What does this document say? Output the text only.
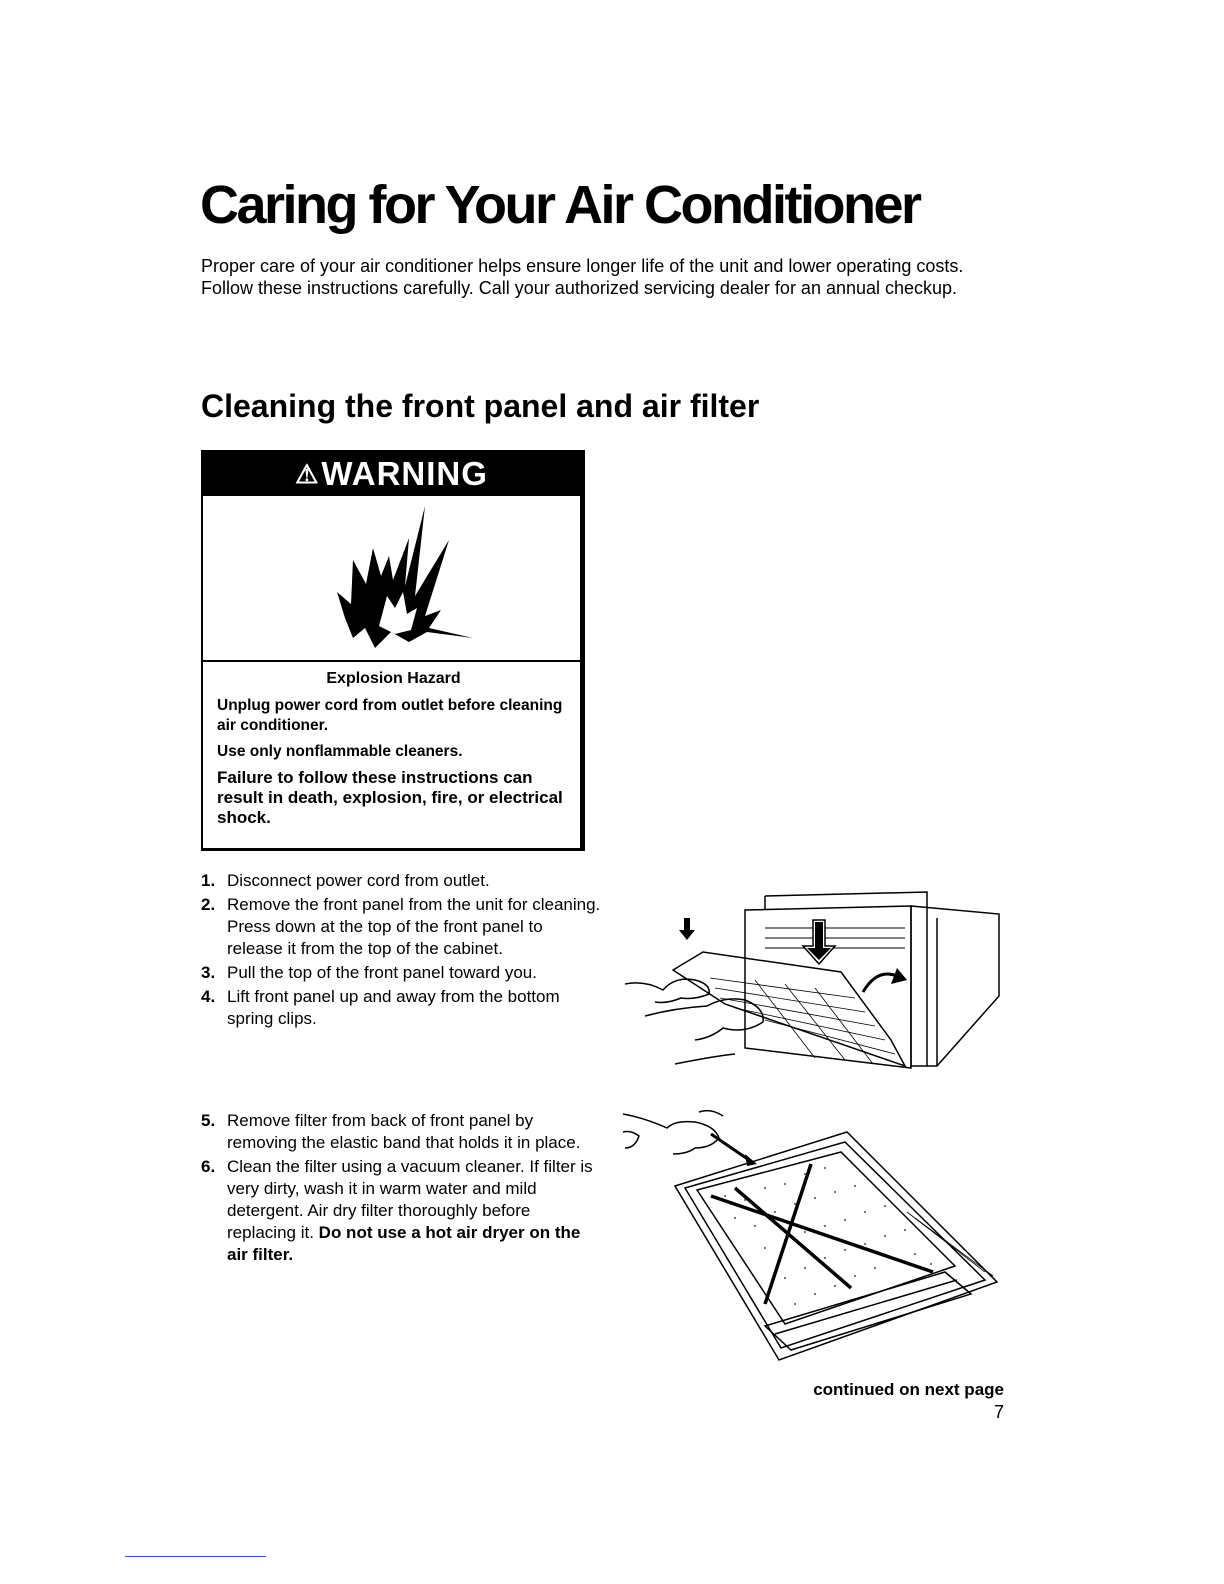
Caring for Your Air Conditioner

Proper care of your air conditioner helps ensure longer life of the unit and lower operating costs. Follow these instructions carefully. Call your authorized servicing dealer for an annual checkup.

Cleaning the front panel and air filter
⚠ WARNING

Explosion Hazard

Unplug power cord from outlet before cleaning air conditioner.

Use only nonflammable cleaners.

Failure to follow these instructions can result in death, explosion, fire, or electrical shock.

1. Disconnect power cord from outlet.
2. Remove the front panel from the unit for cleaning. Press down at the top of the front panel to release it from the top of the cabinet.
3. Pull the top of the front panel toward you.
4. Lift front panel up and away from the bottom spring clips.
5. Remove filter from back of front panel by removing the elastic band that holds it in place.
6. Clean the filter using a vacuum cleaner. If filter is very dirty, wash it in warm water and mild detergent. Air dry filter thoroughly before replacing it. Do not use a hot air dryer on the air filter.
continued on next page
7
